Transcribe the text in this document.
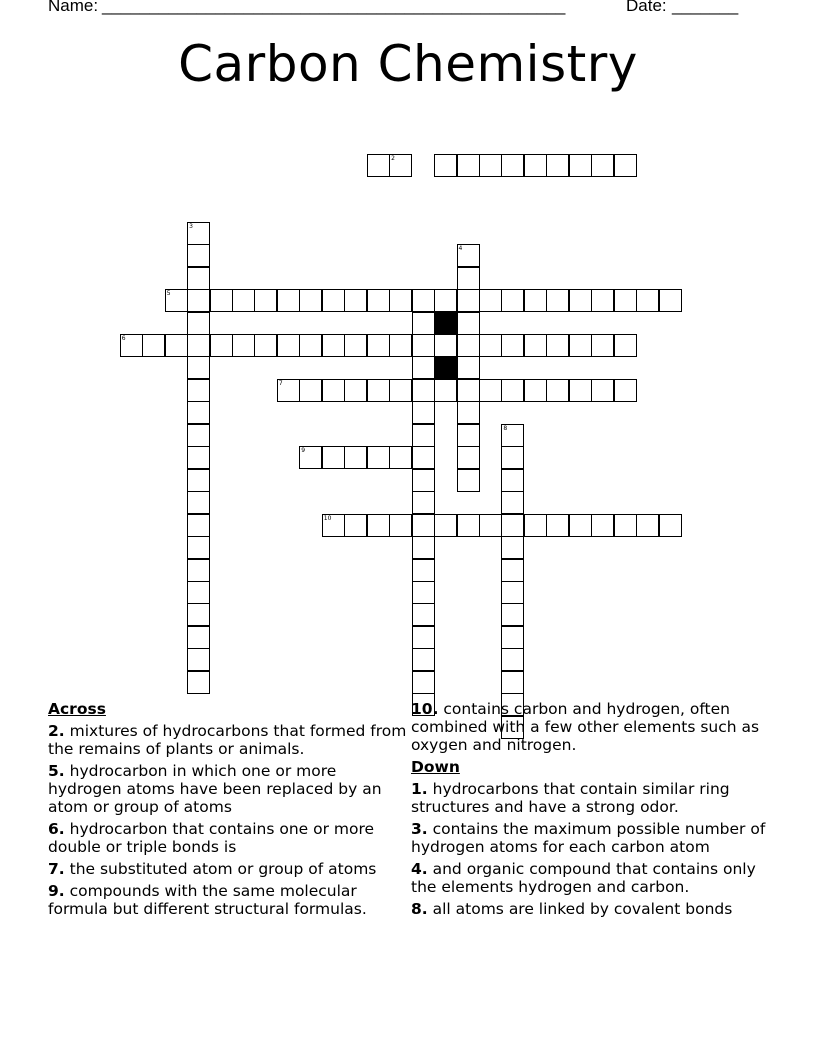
Name: _________________________________________________	Date: _______
Carbon Chemistry
2
3
4
5
6
7
8
9
10
Across
2. mixtures of hydrocarbons that formed from the remains of plants or animals.
5. hydrocarbon in which one or more hydrogen atoms have been replaced by an atom or group of atoms
6. hydrocarbon that contains one or more double or triple bonds is
7. the substituted atom or group of atoms
9. compounds with the same molecular formula but different structural formulas.
10. contains carbon and hydrogen, often combined with a few other elements such as oxygen and nitrogen.
Down
1. hydrocarbons that contain similar ring structures and have a strong odor.
3. contains the maximum possible number of hydrogen atoms for each carbon atom
4. and organic compound that contains only the elements hydrogen and carbon.
8. all atoms are linked by covalent bonds
